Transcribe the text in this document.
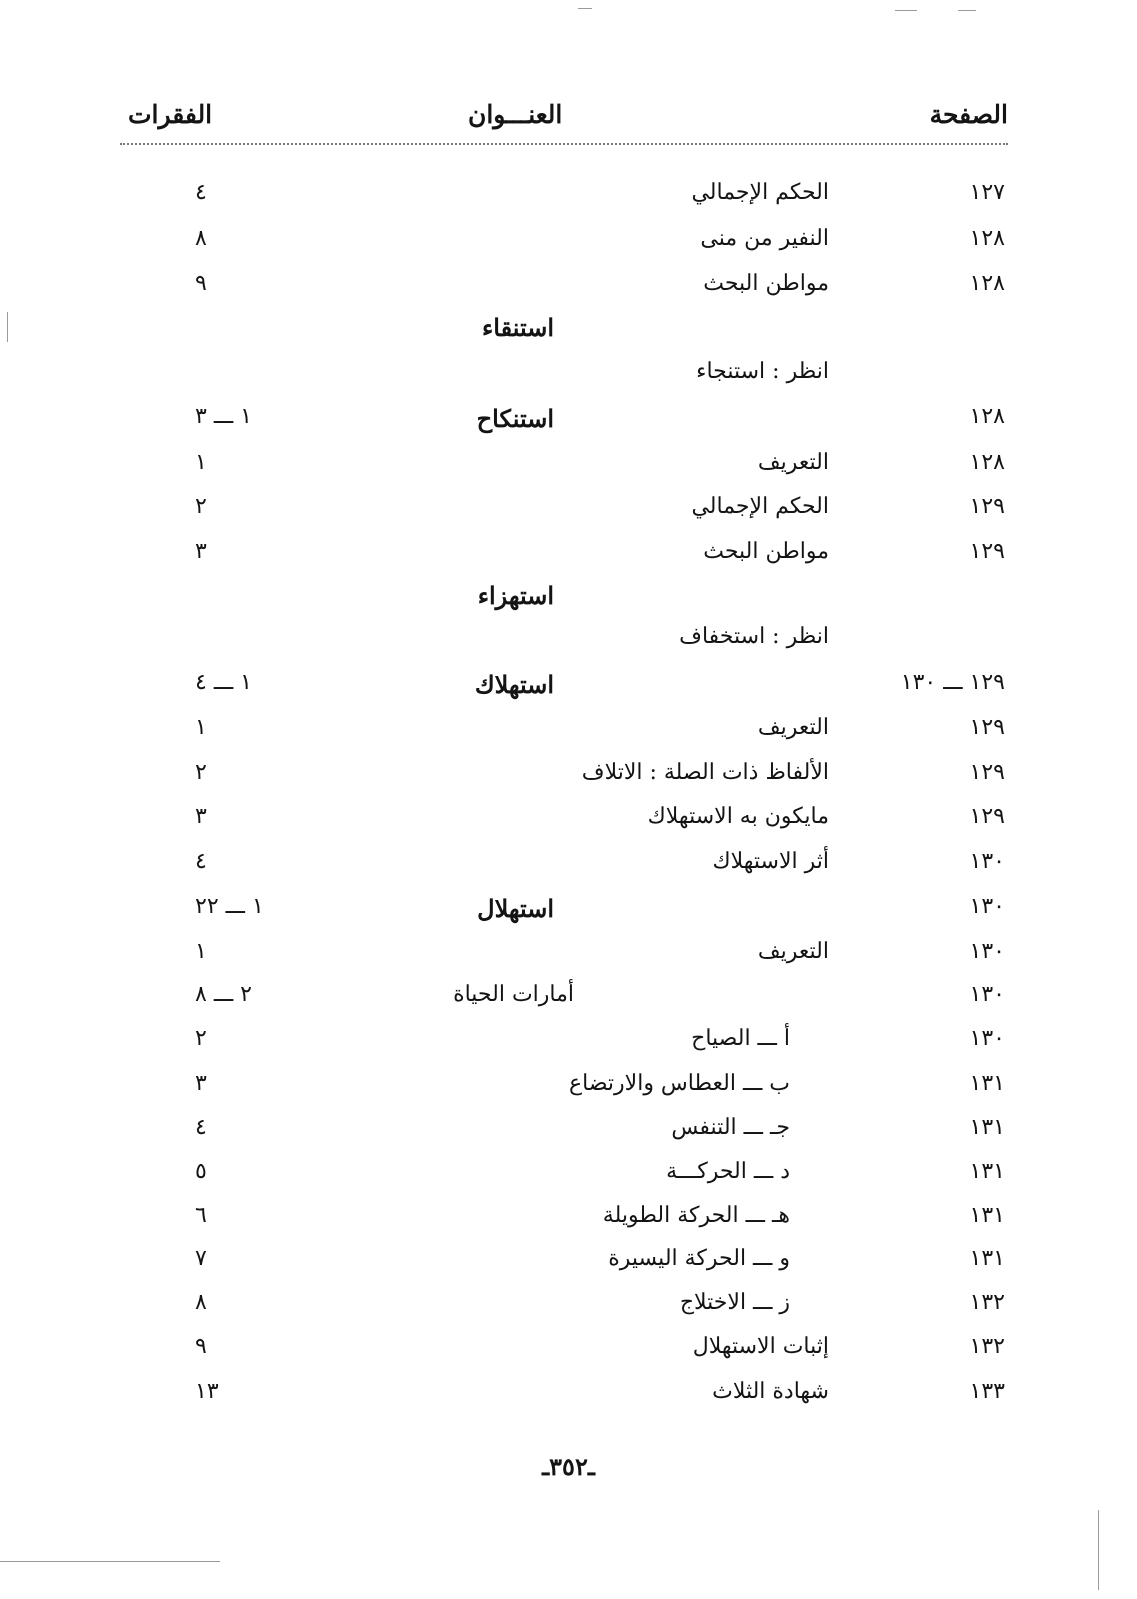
الصفحة
العنـــوان
الفقرات
١٢٧
الحكم الإجمالي
٤
١٢٨
النفير من منى
٨
١٢٨
مواطن البحث
٩
استنقاء
انظر : استنجاء
١٢٨
استنكاح
١ ـــ ٣
١٢٨
التعريف
١
١٢٩
الحكم الإجمالي
٢
١٢٩
مواطن البحث
٣
استهزاء
انظر : استخفاف
١٢٩ ـــ ١٣٠
استهلاك
١ ـــ ٤
١٢٩
التعريف
١
١٢٩
الألفاظ ذات الصلة : الاتلاف
٢
١٢٩
مايكون به الاستهلاك
٣
١٣٠
أثر الاستهلاك
٤
١٣٠
استهلال
١ ـــ ٢٢
١٣٠
التعريف
١
١٣٠
أمارات الحياة
٢ ـــ ٨
١٣٠
أ ـــ الصياح
٢
١٣١
ب ـــ العطاس والارتضاع
٣
١٣١
جـ ـــ التنفس
٤
١٣١
د ـــ الحركـــة
٥
١٣١
هـ ـــ الحركة الطويلة
٦
١٣١
و ـــ الحركة اليسيرة
٧
١٣٢
ز ـــ الاختلاج
٨
١٣٢
إثبات الاستهلال
٩
١٣٣
شهادة الثلاث
١٣
ـ٣٥٢ـ
